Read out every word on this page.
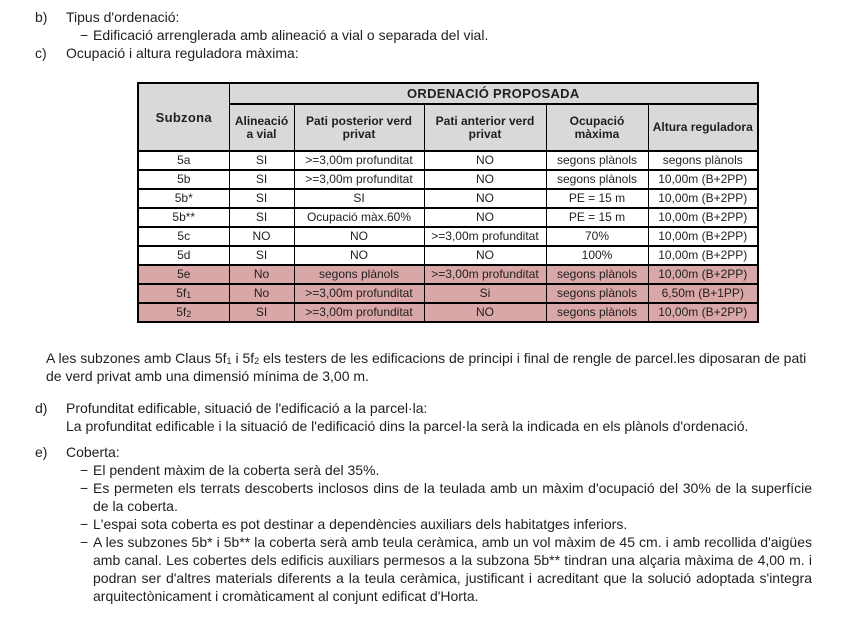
b)	Tipus d'ordenació:
− Edificació arrenglerada amb alineació a vial o separada del vial.
c)	Ocupació i altura reguladora màxima:
Subzona	ORDENACIÓ PROPOSADA				
	Alineació a vial	Pati posterior verd privat	Pati anterior verd privat	Ocupació màxima	Altura reguladora
5a	SI	>=3,00m profunditat	NO	segons plànols	segons plànols
5b	SI	>=3,00m profunditat	NO	segons plànols	10,00m (B+2PP)
5b*	SI	SI	NO	PE = 15 m	10,00m (B+2PP)
5b**	SI	Ocupació màx.60%	NO	PE = 15 m	10,00m (B+2PP)
5c	NO	NO	>=3,00m profunditat	70%	10,00m (B+2PP)
5d	SI	NO	NO	100%	10,00m (B+2PP)
5e	No	segons plànols	>=3,00m profunditat	segons plànols	10,00m (B+2PP)
$5f_1$	No	>=3,00m profunditat	Si	segons plànols	6,50m (B+1PP)
$5f_2$	SI	>=3,00m profunditat	NO	segons plànols	10,00m (B+2PP)

A les subzones amb Claus $5f_1$ i $5f_2$ els testers de les edificacions de principi i final de rengle de parcel.les diposaran de pati de verd privat amb una dimensió mínima de 3,00 m.

d)	Profunditat edificable, situació de l'edificació a la parcel·la:
La profunditat edificable i la situació de l'edificació dins la parcel·la serà la indicada en els plànols d'ordenació.
e)	Coberta:
− El pendent màxim de la coberta serà del 35%.
− Es permeten els terrats descoberts inclosos dins de la teulada amb un màxim d'ocupació del 30% de la superfície de la coberta.
− L'espai sota coberta es pot destinar a dependències auxiliars dels habitatges inferiors.
− A les subzones 5b* i 5b** la coberta serà amb teula ceràmica, amb un vol màxim de 45 cm. i amb recollida d'aigües amb canal. Les cobertes dels edificis auxiliars permesos a la subzona 5b** tindran una alçaria màxima de 4,00 m. i podran ser d'altres materials diferents a la teula ceràmica, justificant i acreditant que la solució adoptada s'integra arquitectònicament i cromàticament al conjunt edificat d'Horta.
